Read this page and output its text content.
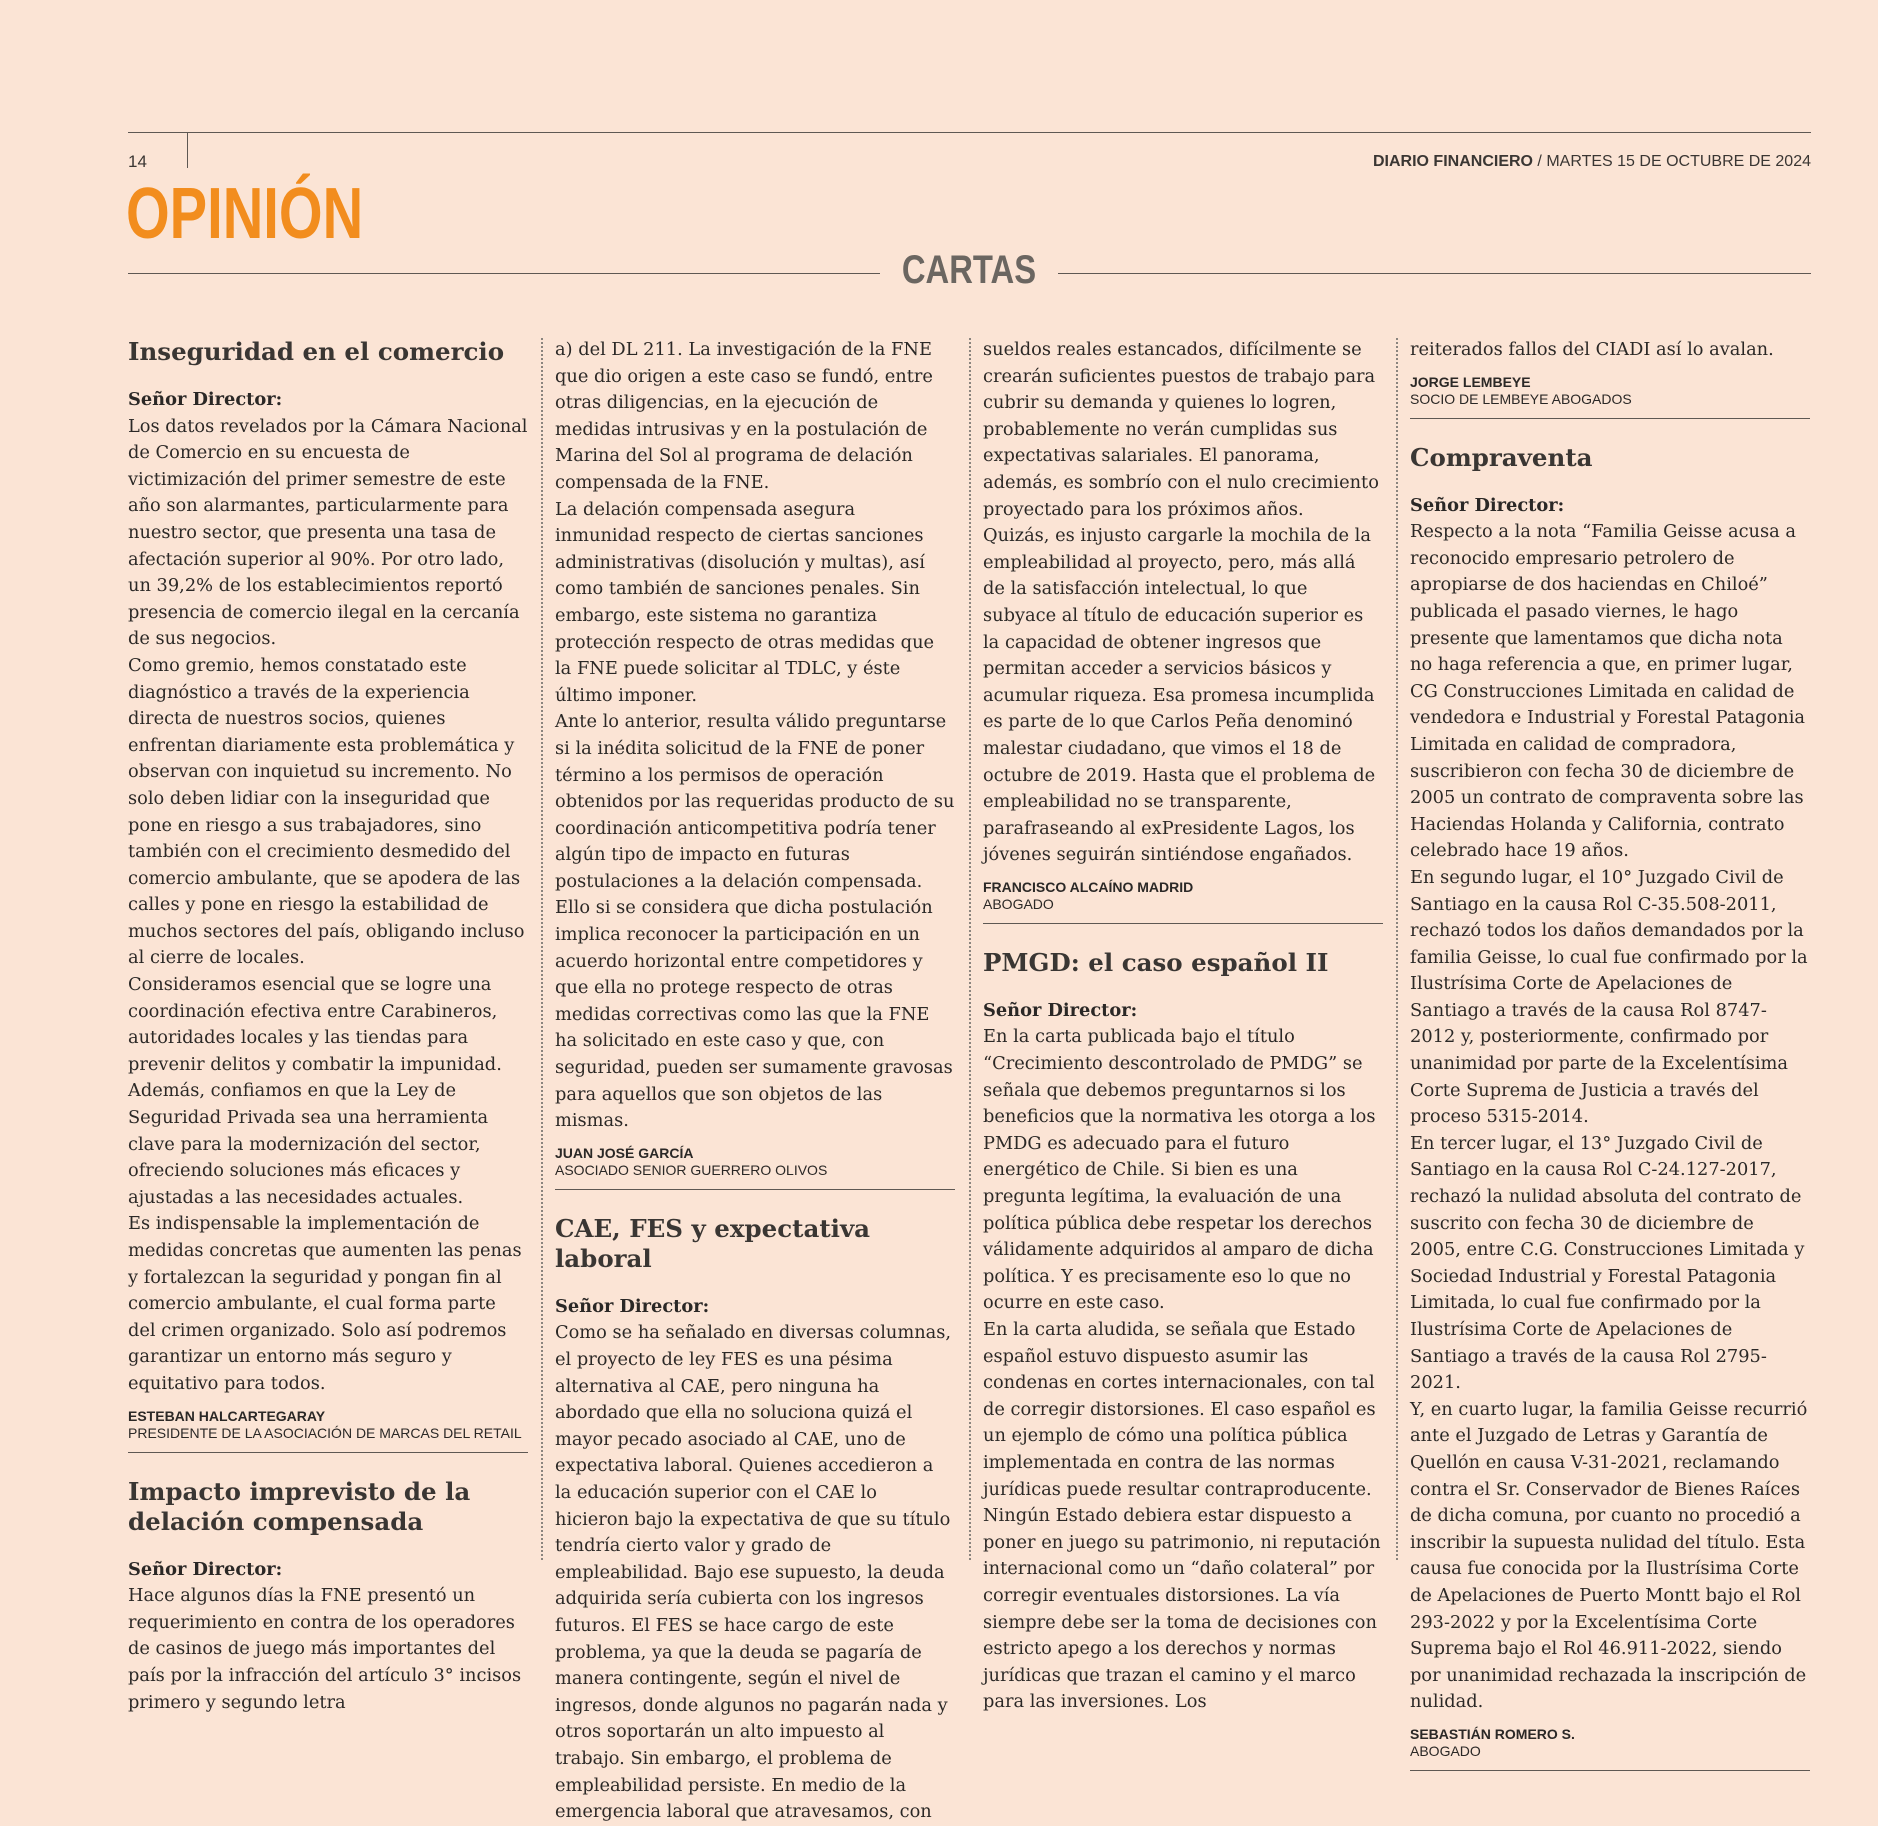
14	DIARIO FINANCIERO / MARTES 15 DE OCTUBRE DE 2024
OPINIÓN
CARTAS
Inseguridad en el comercio

Señor Director:

Los datos revelados por la Cámara Nacional de Comercio en su encuesta de victimización del primer semestre de este año son alarmantes, particularmente para nuestro sector, que presenta una tasa de afectación superior al 90%. Por otro lado, un 39,2% de los establecimientos reportó presencia de comercio ilegal en la cercanía de sus negocios.

Como gremio, hemos constatado este diagnóstico a través de la experiencia directa de nuestros socios, quienes enfrentan diariamente esta problemática y observan con inquietud su incremento. No solo deben lidiar con la inseguridad que pone en riesgo a sus trabajadores, sino también con el crecimiento desmedido del comercio ambulante, que se apodera de las calles y pone en riesgo la estabilidad de muchos sectores del país, obligando incluso al cierre de locales.

Consideramos esencial que se logre una coordinación efectiva entre Carabineros, autoridades locales y las tiendas para prevenir delitos y combatir la impunidad. Además, confiamos en que la Ley de Seguridad Privada sea una herramienta clave para la modernización del sector, ofreciendo soluciones más eficaces y ajustadas a las necesidades actuales.

Es indispensable la implementación de medidas concretas que aumenten las penas y fortalezcan la seguridad y pongan fin al comercio ambulante, el cual forma parte del crimen organizado. Solo así podremos garantizar un entorno más seguro y equitativo para todos.

ESTEBAN HALCARTEGARAY
PRESIDENTE DE LA ASOCIACIÓN DE MARCAS DEL RETAIL
Impacto imprevisto de la delación compensada

Señor Director:

Hace algunos días la FNE presentó un requerimiento en contra de los operadores de casinos de juego más importantes del país por la infracción del artículo 3° incisos primero y segundo letra

a) del DL 211. La investigación de la FNE que dio origen a este caso se fundó, entre otras diligencias, en la ejecución de medidas intrusivas y en la postulación de Marina del Sol al programa de delación compensada de la FNE.

La delación compensada asegura inmunidad respecto de ciertas sanciones administrativas (disolución y multas), así como también de sanciones penales. Sin embargo, este sistema no garantiza protección respecto de otras medidas que la FNE puede solicitar al TDLC, y éste último imponer.

Ante lo anterior, resulta válido preguntarse si la inédita solicitud de la FNE de poner término a los permisos de operación obtenidos por las requeridas producto de su coordinación anticompetitiva podría tener algún tipo de impacto en futuras postulaciones a la delación compensada. Ello si se considera que dicha postulación implica reconocer la participación en un acuerdo horizontal entre competidores y que ella no protege respecto de otras medidas correctivas como las que la FNE ha solicitado en este caso y que, con seguridad, pueden ser sumamente gravosas para aquellos que son objetos de las mismas.

JUAN JOSÉ GARCÍA
ASOCIADO SENIOR GUERRERO OLIVOS
CAE, FES y expectativa laboral

Señor Director:

Como se ha señalado en diversas columnas, el proyecto de ley FES es una pésima alternativa al CAE, pero ninguna ha abordado que ella no soluciona quizá el mayor pecado asociado al CAE, uno de expectativa laboral. Quienes accedieron a la educación superior con el CAE lo hicieron bajo la expectativa de que su título tendría cierto valor y grado de empleabilidad. Bajo ese supuesto, la deuda adquirida sería cubierta con los ingresos futuros. El FES se hace cargo de este problema, ya que la deuda se pagaría de manera contingente, según el nivel de ingresos, donde algunos no pagarán nada y otros soportarán un alto impuesto al trabajo. Sin embargo, el problema de empleabilidad persiste. En medio de la emergencia laboral que atravesamos, con

sueldos reales estancados, difícilmente se crearán suficientes puestos de trabajo para cubrir su demanda y quienes lo logren, probablemente no verán cumplidas sus expectativas salariales. El panorama, además, es sombrío con el nulo crecimiento proyectado para los próximos años.

Quizás, es injusto cargarle la mochila de la empleabilidad al proyecto, pero, más allá de la satisfacción intelectual, lo que subyace al título de educación superior es la capacidad de obtener ingresos que permitan acceder a servicios básicos y acumular riqueza. Esa promesa incumplida es parte de lo que Carlos Peña denominó malestar ciudadano, que vimos el 18 de octubre de 2019. Hasta que el problema de empleabilidad no se transparente, parafraseando al exPresidente Lagos, los jóvenes seguirán sintiéndose engañados.

FRANCISCO ALCAÍNO MADRID
ABOGADO
PMGD: el caso español II

Señor Director:

En la carta publicada bajo el título “Crecimiento descontrolado de PMDG” se señala que debemos preguntarnos si los beneficios que la normativa les otorga a los PMDG es adecuado para el futuro energético de Chile. Si bien es una pregunta legítima, la evaluación de una política pública debe respetar los derechos válidamente adquiridos al amparo de dicha política. Y es precisamente eso lo que no ocurre en este caso.

En la carta aludida, se señala que Estado español estuvo dispuesto asumir las condenas en cortes internacionales, con tal de corregir distorsiones. El caso español es un ejemplo de cómo una política pública implementada en contra de las normas jurídicas puede resultar contraproducente. Ningún Estado debiera estar dispuesto a poner en juego su patrimonio, ni reputación internacional como un “daño colateral” por corregir eventuales distorsiones. La vía siempre debe ser la toma de decisiones con estricto apego a los derechos y normas jurídicas que trazan el camino y el marco para las inversiones. Los

reiterados fallos del CIADI así lo avalan.

JORGE LEMBEYE
SOCIO DE LEMBEYE ABOGADOS
Compraventa

Señor Director:

Respecto a la nota “Familia Geisse acusa a reconocido empresario petrolero de apropiarse de dos haciendas en Chiloé” publicada el pasado viernes, le hago presente que lamentamos que dicha nota no haga referencia a que, en primer lugar, CG Construcciones Limitada en calidad de vendedora e Industrial y Forestal Patagonia Limitada en calidad de compradora, suscribieron con fecha 30 de diciembre de 2005 un contrato de compraventa sobre las Haciendas Holanda y California, contrato celebrado hace 19 años.

En segundo lugar, el 10° Juzgado Civil de Santiago en la causa Rol C-35.508-2011, rechazó todos los daños demandados por la familia Geisse, lo cual fue confirmado por la Ilustrísima Corte de Apelaciones de Santiago a través de la causa Rol 8747-2012 y, posteriormente, confirmado por unanimidad por parte de la Excelentísima Corte Suprema de Justicia a través del proceso 5315-2014.

En tercer lugar, el 13° Juzgado Civil de Santiago en la causa Rol C-24.127-2017, rechazó la nulidad absoluta del contrato de suscrito con fecha 30 de diciembre de 2005, entre C.G. Construcciones Limitada y Sociedad Industrial y Forestal Patagonia Limitada, lo cual fue confirmado por la Ilustrísima Corte de Apelaciones de Santiago a través de la causa Rol 2795-2021.

Y, en cuarto lugar, la familia Geisse recurrió ante el Juzgado de Letras y Garantía de Quellón en causa V-31-2021, reclamando contra el Sr. Conservador de Bienes Raíces de dicha comuna, por cuanto no procedió a inscribir la supuesta nulidad del título. Esta causa fue conocida por la Ilustrísima Corte de Apelaciones de Puerto Montt bajo el Rol 293-2022 y por la Excelentísima Corte Suprema bajo el Rol 46.911-2022, siendo por unanimidad rechazada la inscripción de nulidad.

SEBASTIÁN ROMERO S.
ABOGADO
